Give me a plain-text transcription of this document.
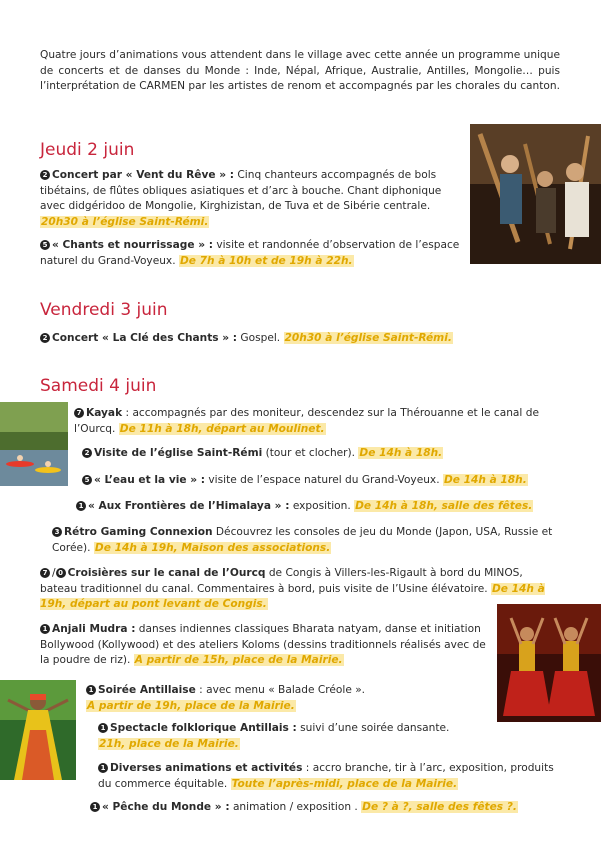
Quatre jours d’animations vous attendent dans le village avec cette année un programme unique de concerts et de danses du Monde : Inde, Népal, Afrique, Australie, Antilles, Mongolie… puis l’interprétation de CARMEN par les artistes de renom et accompagnés par les chorales du canton.
Jeudi 2 juin
2 Concert par « Vent du Rêve » : Cinq chanteurs accompagnés de bols tibétains, de flûtes obliques asiatiques et d’arc à bouche. Chant diphonique avec didgéridoo de Mongolie, Kirghizistan, de Tuva et de Sibérie centrale. 20h30 à l’église Saint-Rémi.
5 « Chants et nourrissage » : visite et randonnée d’observation de l’espace naturel du Grand-Voyeux. De 7h à 10h et de 19h à 22h.
Vendredi 3 juin
2 Concert « La Clé des Chants » : Gospel. 20h30 à l’église Saint-Rémi.
Samedi 4 juin
7 Kayak : accompagnés par des moniteur, descendez sur la Thérouanne et le canal de l’Ourcq. De 11h à 18h, départ au Moulinet.
2 Visite de l’église Saint-Rémi (tour et clocher). De 14h à 18h.
5 « L’eau et la vie » : visite de l’espace naturel du Grand-Voyeux. De 14h à 18h.
1 « Aux Frontières de l’Himalaya » : exposition. De 14h à 18h, salle des fêtes.
3 Rétro Gaming Connexion Découvrez les consoles de jeu du Monde (Japon, USA, Russie et Corée). De 14h à 19h, Maison des associations.
7 / 0 Croisières sur le canal de l’Ourcq de Congis à Villers-les-Rigault à bord du MINOS, bateau traditionnel du canal. Commentaires à bord, puis visite de l’Usine élévatoire. De 14h à 19h, départ au pont levant de Congis.
1 Anjali Mudra : danses indiennes classiques Bharata natyam, danse et initiation Bollywood (Kollywood) et des ateliers Koloms (dessins traditionnels réalisés avec de la poudre de riz). A partir de 15h, place de la Mairie.
1 Soirée Antillaise : avec menu « Balade Créole ».
A partir de 19h, place de la Mairie.
1 Spectacle folklorique Antillais : suivi d’une soirée dansante.
21h, place de la Mairie.
1 Diverses animations et activités : accro branche, tir à l’arc, exposition, produits du commerce équitable. Toute l’après-midi, place de la Mairie.
1 « Pêche du Monde » : animation / exposition . De ? à ?, salle des fêtes ?.
